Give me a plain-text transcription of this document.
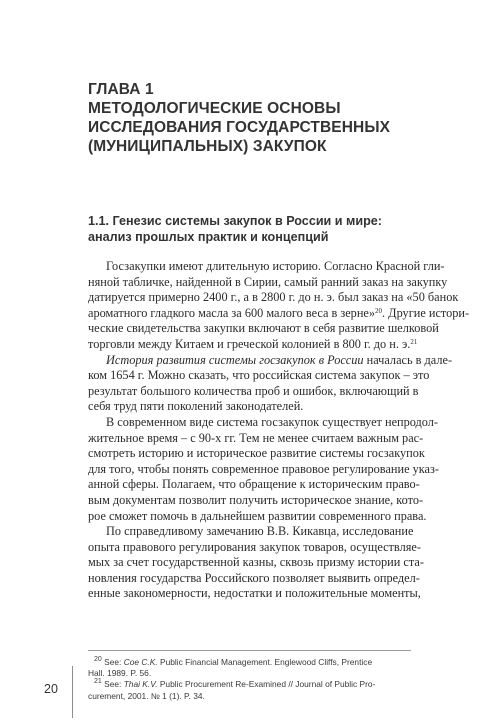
ГЛАВА 1
МЕТОДОЛОГИЧЕСКИЕ ОСНОВЫ
ИССЛЕДОВАНИЯ ГОСУДАРСТВЕННЫХ
(МУНИЦИПАЛЬНЫХ) ЗАКУПОК
1.1. Генезис системы закупок в России и мире:
анализ прошлых практик и концепций
Госзакупки имеют длительную историю. Согласно Красной гли-
няной табличке, найденной в Сирии, самый ранний заказ на закупку
датируется примерно 2400 г., а в 2800 г. до н. э. был заказ на «50 банок
ароматного гладкого масла за 600 малого веса в зерне»$^{20}$. Другие истори-
ческие свидетельства закупки включают в себя развитие шелковой
торговли между Китаем и греческой колонией в 800 г. до н. э.$^{21}$
История развития системы госзакупок в России началась в дале-
ком 1654 г. Можно сказать, что российская система закупок – это
результат большого количества проб и ошибок, включающий в
себя труд пяти поколений законодателей.
В современном виде система госзакупок существует непродол-
жительное время – с 90-х гг. Тем не менее считаем важным рас-
смотреть историю и историческое развитие системы госзакупок
для того, чтобы понять современное правовое регулирование указ-
анной сферы. Полагаем, что обращение к историческим право-
вым документам позволит получить историческое знание, кото-
рое сможет помочь в дальнейшем развитии современного права.
По справедливому замечанию В.В. Кикавца, исследование
опыта правового регулирования закупок товаров, осуществляе-
мых за счет государственной казны, сквозь призму истории ста-
новления государства Российского позволяет выявить определ-
енные закономерности, недостатки и положительные моменты,
$^{20}$ See: Coe C.K. Public Financial Management. Englewood Cliffs, Prentice
Hall. 1989. P. 56.
$^{21}$ See: Thai K.V. Public Procurement Re-Examined // Journal of Public Pro-
curement, 2001. № 1 (1). P. 34.
20
